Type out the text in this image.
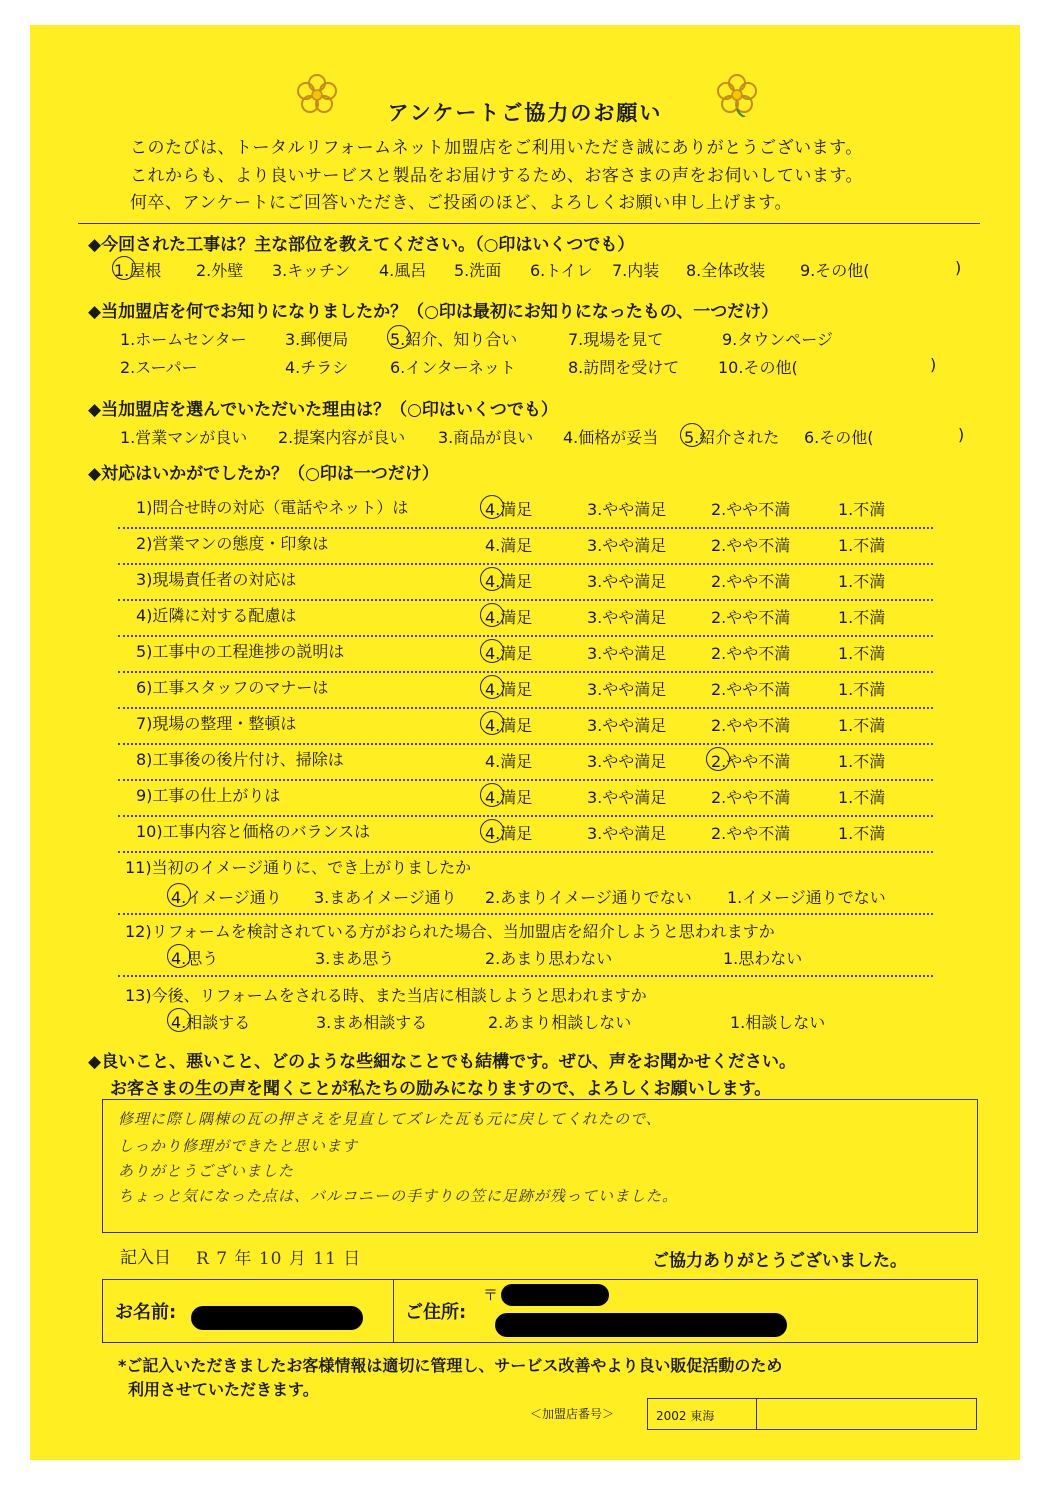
アンケートご協力のお願い
このたびは、トータルリフォームネット加盟店をご利用いただき誠にありがとうございます。
これからも、より良いサービスと製品をお届けするため、お客さまの声をお伺いしています。
何卒、アンケートにご回答いただき、ご投函のほど、よろしくお願い申し上げます。
◆今回された工事は？主な部位を教えてください。（○印はいくつでも）
1.屋根 2.外壁 3.キッチン 4.風呂 5.洗面 6.トイレ 7.内装 8.全体改装 9.その他(	)
◆当加盟店を何でお知りになりましたか？（○印は最初にお知りになったもの、一つだけ）
1.ホームセンター 3.郵便局	5.紹介、知り合い	7.現場を見て	9.タウンページ
2.スーパー	4.チラシ	6.インターネット	8.訪問を受けて 10.その他(	)
◆当加盟店を選んでいただいた理由は？（○印はいくつでも）
1.営業マンが良い 2.提案内容が良い 3.商品が良い 4.価格が妥当 5.紹介された 6.その他(	)
◆対応はいかがでしたか？（○印は一つだけ）
1)問合せ時の対応（電話やネット）は	4.満足	3.やや満足	2.やや不満	1.不満
2)営業マンの態度・印象は	4.満足	3.やや満足	2.やや不満	1.不満
3)現場責任者の対応は	4.満足	3.やや満足	2.やや不満	1.不満
4)近隣に対する配慮は	4.満足	3.やや満足	2.やや不満	1.不満
5)工事中の工程進捗の説明は	4.満足	3.やや満足	2.やや不満	1.不満
6)工事スタッフのマナーは	4.満足	3.やや満足	2.やや不満	1.不満
7)現場の整理・整頓は	4.満足	3.やや満足	2.やや不満	1.不満
8)工事後の後片付け、掃除は	4.満足	3.やや満足	2.やや不満	1.不満
9)工事の仕上がりは	4.満足	3.やや満足	2.やや不満	1.不満
10)工事内容と価格のバランスは	4.満足	3.やや満足	2.やや不満	1.不満
11)当初のイメージ通りに、でき上がりましたか
4.イメージ通り 3.まあイメージ通り 2.あまりイメージ通りでない 1.イメージ通りでない
12)リフォームを検討されている方がおられた場合、当加盟店を紹介しようと思われますか
4.思う	3.まあ思う	2.あまり思わない	1.思わない
13)今後、リフォームをされる時、また当店に相談しようと思われますか
4.相談する	3.まあ相談する	2.あまり相談しない	1.相談しない
◆良いこと、悪いこと、どのような些細なことでも結構です。ぜひ、声をお聞かせください。
お客さまの生の声を聞くことが私たちの励みになりますので、よろしくお願いします。
修理に際し隅棟の瓦の押さえを見直してズレた瓦も元に戻してくれたので、
しっかり修理ができたと思います
ありがとうございました
ちょっと気になった点は、バルコニーの手すりの笠に足跡が残っていました。
記入日 R 7 年 10 月 11 日	ご協力ありがとうございました。
お名前:	ご住所:
〒
*ご記入いただきましたお客様情報は適切に管理し、サービス改善やより良い販促活動のため
利用させていただきます。
＜加盟店番号＞	2002 東海
